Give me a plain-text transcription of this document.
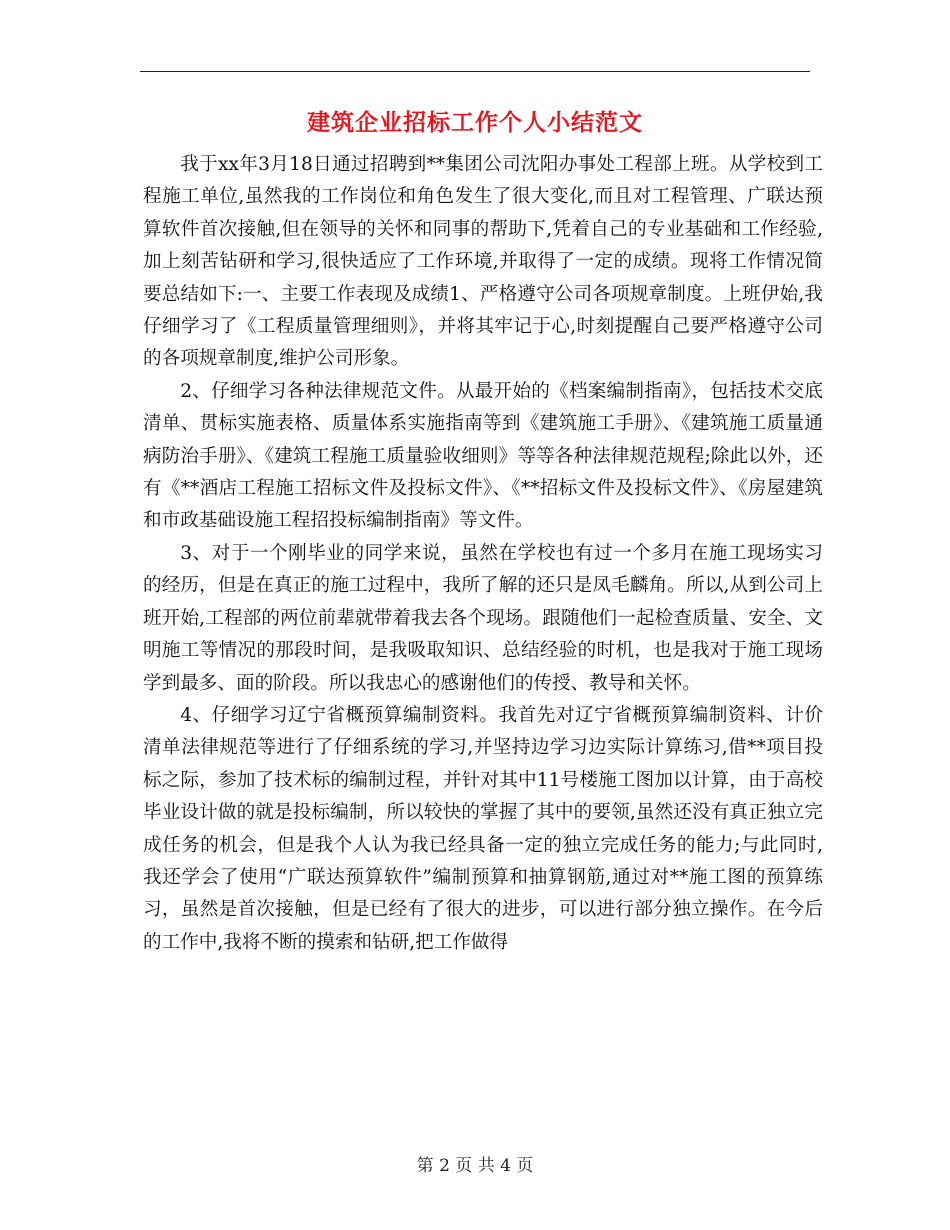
建筑企业招标工作个人小结范文

我于xx年3月18日通过招聘到**集团公司沈阳办事处工程部上班。从学校到工程施工单位,虽然我的工作岗位和角色发生了很大变化,而且对工程管理、广联达预算软件首次接触,但在领导的关怀和同事的帮助下,凭着自己的专业基础和工作经验,加上刻苦钻研和学习,很快适应了工作环境,并取得了一定的成绩。现将工作情况简要总结如下:一、主要工作表现及成绩1、严格遵守公司各项规章制度。上班伊始,我仔细学习了《工程质量管理细则》，并将其牢记于心,时刻提醒自己要严格遵守公司的各项规章制度,维护公司形象。

2、仔细学习各种法律规范文件。从最开始的《档案编制指南》，包括技术交底清单、贯标实施表格、质量体系实施指南等到《建筑施工手册》、《建筑施工质量通病防治手册》、《建筑工程施工质量验收细则》等等各种法律规范规程;除此以外，还有《**酒店工程施工招标文件及投标文件》、《**招标文件及投标文件》、《房屋建筑和市政基础设施工程招投标编制指南》等文件。

3、对于一个刚毕业的同学来说，虽然在学校也有过一个多月在施工现场实习的经历，但是在真正的施工过程中，我所了解的还只是凤毛麟角。所以,从到公司上班开始,工程部的两位前辈就带着我去各个现场。跟随他们一起检查质量、安全、文明施工等情况的那段时间，是我吸取知识、总结经验的时机，也是我对于施工现场学到最多、面的阶段。所以我忠心的感谢他们的传授、教导和关怀。

4、仔细学习辽宁省概预算编制资料。我首先对辽宁省概预算编制资料、计价清单法律规范等进行了仔细系统的学习,并坚持边学习边实际计算练习,借**项目投标之际，参加了技术标的编制过程，并针对其中11号楼施工图加以计算，由于高校毕业设计做的就是投标编制，所以较快的掌握了其中的要领,虽然还没有真正独立完成任务的机会，但是我个人认为我已经具备一定的独立完成任务的能力;与此同时,我还学会了使用“广联达预算软件”编制预算和抽算钢筋,通过对**施工图的预算练习，虽然是首次接触，但是已经有了很大的进步，可以进行部分独立操作。在今后的工作中,我将不断的摸索和钻研,把工作做得

第 2 页 共 4 页
